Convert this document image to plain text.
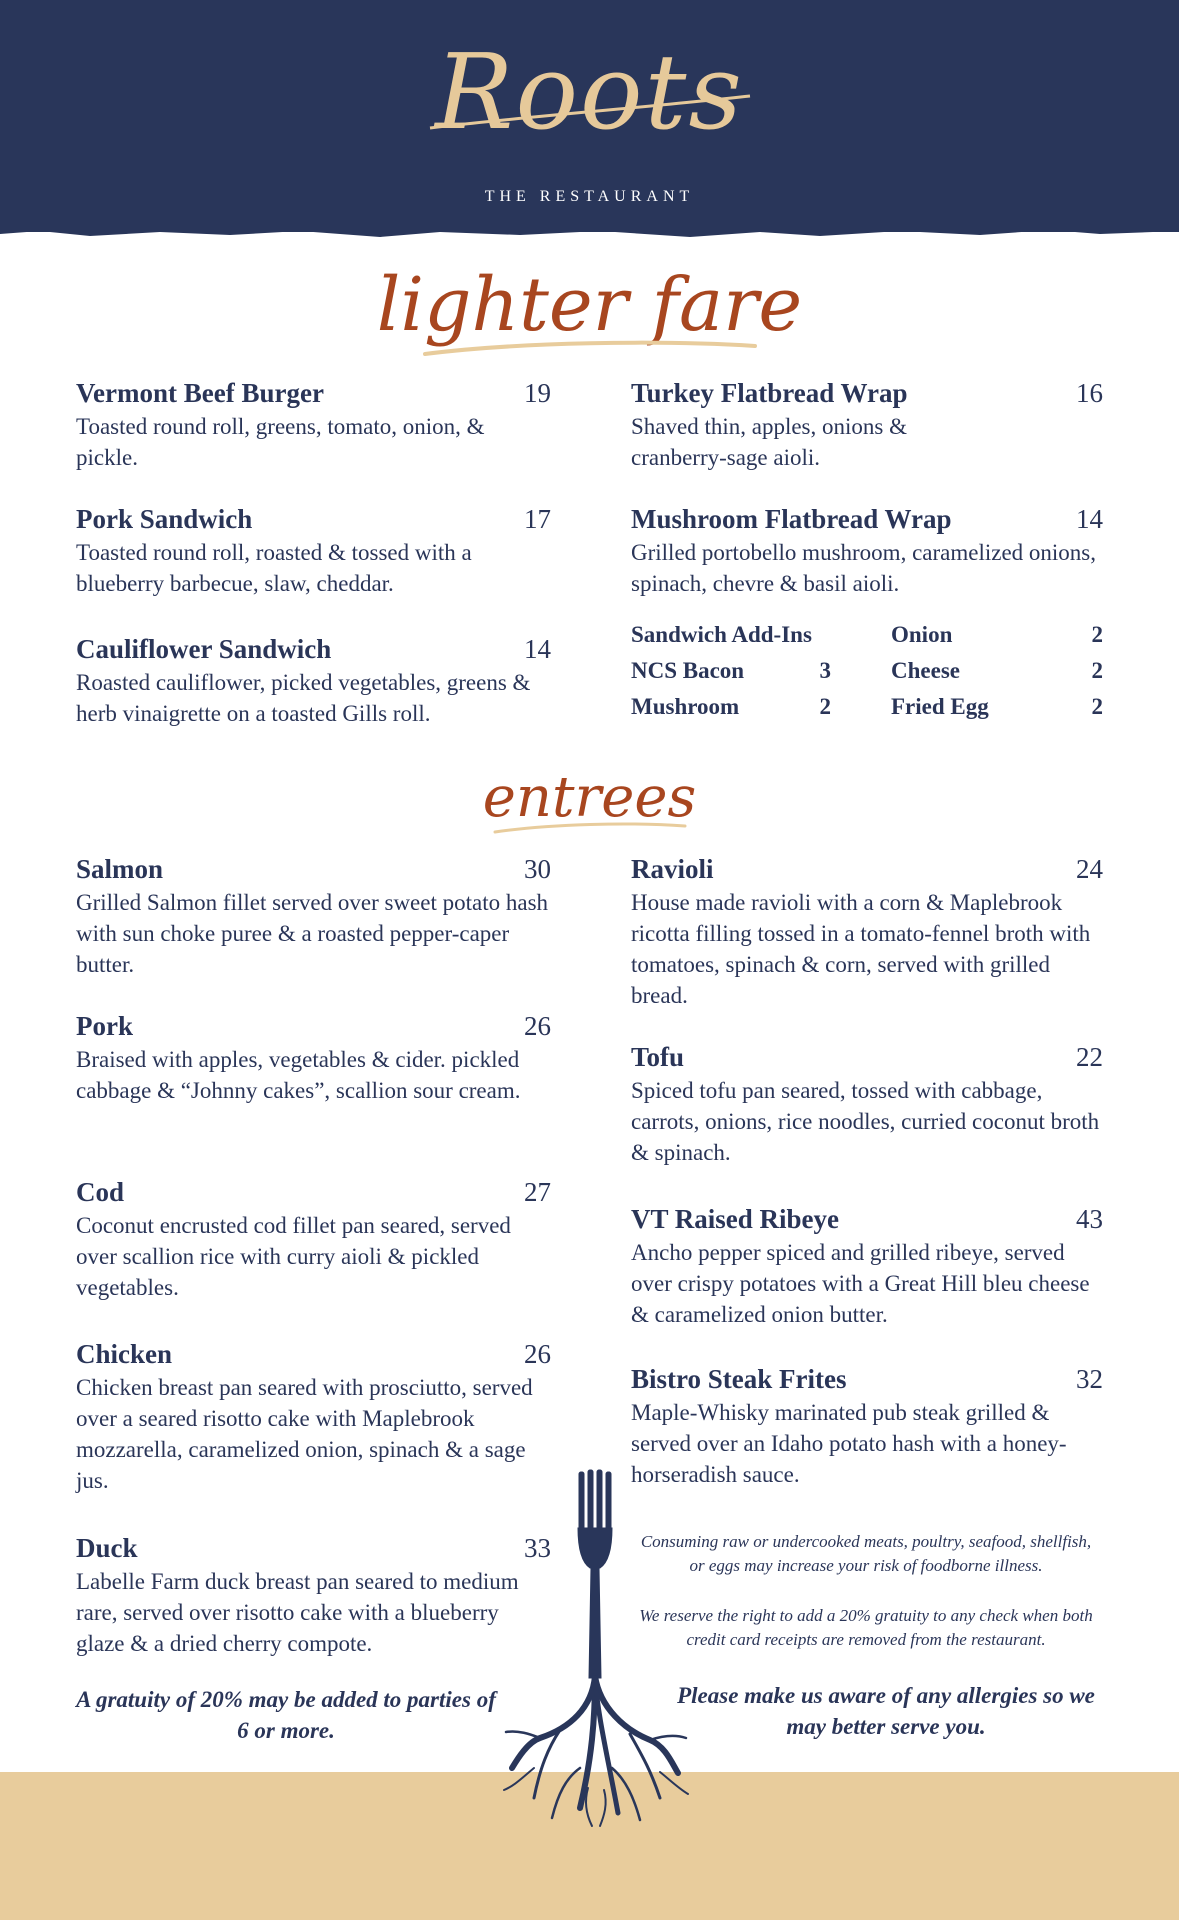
Roots
THE RESTAURANT
lighter fare
Vermont Beef Burger	19
Toasted round roll, greens, tomato, onion, & pickle.
Pork Sandwich	17
Toasted round roll, roasted & tossed with a blueberry barbecue, slaw, cheddar.
Cauliflower Sandwich	14
Roasted cauliflower, picked vegetables, greens & herb vinaigrette on a toasted Gills roll.
Turkey Flatbread Wrap	16
Shaved thin, apples, onions & cranberry-sage aioli.
Mushroom Flatbread Wrap	14
Grilled portobello mushroom, caramelized onions, spinach, chevre & basil aioli.
Sandwich Add-Ins	Onion	2
NCS Bacon	3	Cheese	2
Mushroom	2	Fried Egg	2
entrees
Salmon	30
Grilled Salmon fillet served over sweet potato hash with sun choke puree & a roasted pepper-caper butter.
Pork	26
Braised with apples, vegetables & cider. pickled cabbage & “Johnny cakes”, scallion sour cream.
Cod	27
Coconut encrusted cod fillet pan seared, served over scallion rice with curry aioli & pickled vegetables.
Chicken	26
Chicken breast pan seared with prosciutto, served over a seared risotto cake with Maplebrook mozzarella, caramelized onion, spinach & a sage jus.
Duck	33
Labelle Farm duck breast pan seared to medium rare, served over risotto cake with a blueberry glaze & a dried cherry compote.
Ravioli	24
House made ravioli with a corn & Maplebrook ricotta filling tossed in a tomato-fennel broth with tomatoes, spinach & corn, served with grilled bread.
Tofu	22
Spiced tofu pan seared, tossed with cabbage, carrots, onions, rice noodles, curried coconut broth & spinach.
VT Raised Ribeye	43
Ancho pepper spiced and grilled ribeye, served over crispy potatoes with a Great Hill bleu cheese & caramelized onion butter.
Bistro Steak Frites	32
Maple-Whisky marinated pub steak grilled & served over an Idaho potato hash with a honey-horseradish sauce.
Consuming raw or undercooked meats, poultry, seafood, shellfish, or eggs may increase your risk of foodborne illness.
We reserve the right to add a 20% gratuity to any check when both credit card receipts are removed from the restaurant.
Please make us aware of any allergies so we may better serve you.
A gratuity of 20% may be added to parties of 6 or more.
